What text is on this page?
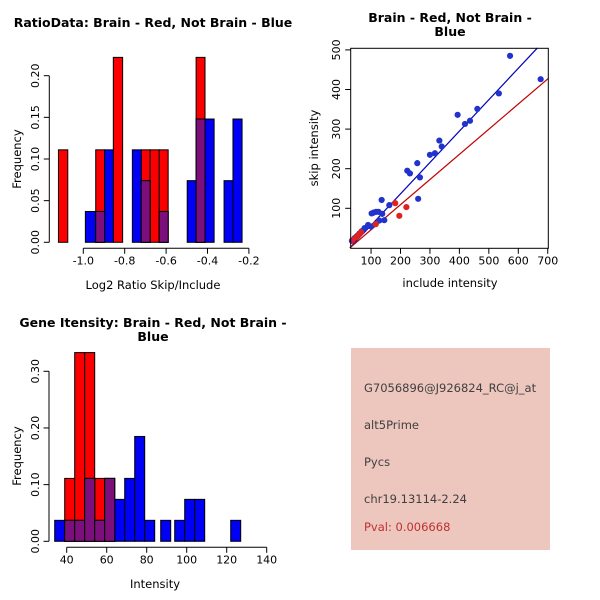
0.00
0.05
0.10
0.15
0.20
-1.0 -0.8 -0.6 -0.4 -0.2
RatioData: Brain - Red, Not Brain - Blue
Log2 Ratio Skip/Include
Frequency
100 200 300 400 500 600 700
100
200
300
400
500
Brain - Red, Not Brain - Blue
include intensity
skip intensity
0.00
0.10
0.20
0.30
40 60 80 100 120 140
Gene Itensity: Brain - Red, Not Brain - Blue
Intensity
Frequency
G7056896@J926824_RC@j_at
alt5Prime
Pycs
chr19.13114-2.24
Pval: 0.006668
